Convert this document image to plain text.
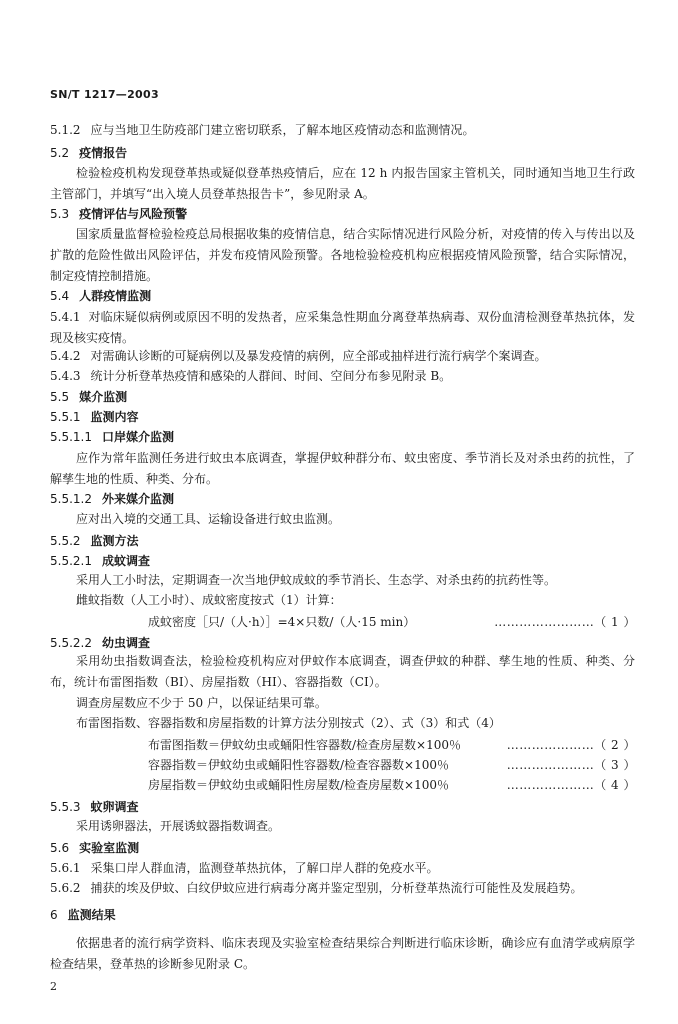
SN/T 1217—2003
5.1.2 应与当地卫生防疫部门建立密切联系，了解本地区疫情动态和监测情况。
5.2 疫情报告
检验检疫机构发现登革热或疑似登革热疫情后，应在 12 h 内报告国家主管机关，同时通知当地卫生行政主管部门，并填写“出入境人员登革热报告卡”，参见附录 A。
5.3 疫情评估与风险预警
国家质量监督检验检疫总局根据收集的疫情信息，结合实际情况进行风险分析，对疫情的传入与传出以及扩散的危险性做出风险评估，并发布疫情风险预警。各地检验检疫机构应根据疫情风险预警，结合实际情况，制定疫情控制措施。
5.4 人群疫情监测
5.4.1 对临床疑似病例或原因不明的发热者，应采集急性期血分离登革热病毒、双份血清检测登革热抗体，发现及核实疫情。
5.4.2 对需确认诊断的可疑病例以及暴发疫情的病例，应全部或抽样进行流行病学个案调查。
5.4.3 统计分析登革热疫情和感染的人群间、时间、空间分布参见附录 B。
5.5 媒介监测
5.5.1 监测内容
5.5.1.1 口岸媒介监测
应作为常年监测任务进行蚊虫本底调查，掌握伊蚊种群分布、蚊虫密度、季节消长及对杀虫药的抗性，了解孳生地的性质、种类、分布。
5.5.1.2 外来媒介监测
应对出入境的交通工具、运输设备进行蚊虫监测。
5.5.2 监测方法
5.5.2.1 成蚊调查
采用人工小时法，定期调查一次当地伊蚊成蚊的季节消长、生态学、对杀虫药的抗药性等。
雌蚊指数（人工小时）、成蚊密度按式（1）计算：
成蚊密度［只/（人·h）］=4×只数/（人·15 min）	……………………（ 1 ）
5.5.2.2 幼虫调查
采用幼虫指数调查法，检验检疫机构应对伊蚊作本底调查，调查伊蚊的种群、孳生地的性质、种类、分布，统计布雷图指数（BI）、房屋指数（HI）、容器指数（CI）。
调查房屋数应不少于 50 户，以保证结果可靠。
布雷图指数、容器指数和房屋指数的计算方法分别按式（2）、式（3）和式（4）
布雷图指数＝伊蚊幼虫或蛹阳性容器数/检查房屋数×100％	…………………（ 2 ）
容器指数＝伊蚊幼虫或蛹阳性容器数/检查容器数×100％	…………………（ 3 ）
房屋指数＝伊蚊幼虫或蛹阳性房屋数/检查房屋数×100％	…………………（ 4 ）
5.5.3 蚊卵调查
采用诱卵器法，开展诱蚊器指数调查。
5.6 实验室监测
5.6.1 采集口岸人群血清，监测登革热抗体，了解口岸人群的免疫水平。
5.6.2 捕获的埃及伊蚊、白纹伊蚊应进行病毒分离并鉴定型别，分析登革热流行可能性及发展趋势。
6 监测结果
依据患者的流行病学资料、临床表现及实验室检查结果综合判断进行临床诊断，确诊应有血清学或病原学检查结果，登革热的诊断参见附录 C。
2
